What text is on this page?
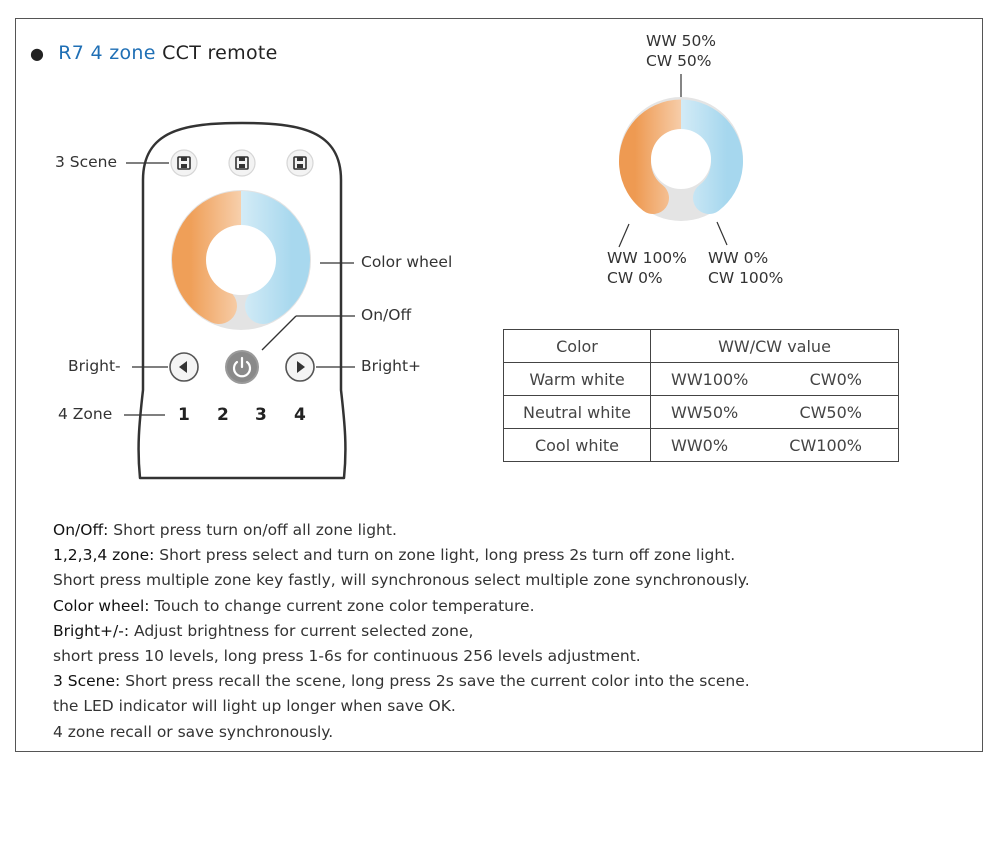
● R7 4 zone CCT remote
1 2 3 4
3 Scene
Color wheel
On/Off
Bright-	Bright+
4 Zone
WW 50%
CW 50%
WW 100%
CW 0%
WW 0%
CW 100%
Color	WW/CW value
Warm white	WW100% CW0%

Neutral white	WW50% CW50%

Cool white	WW0% CW100%
On/Off: Short press turn on/off all zone light.
1,2,3,4 zone: Short press select and turn on zone light, long press 2s turn off zone light.
Short press multiple zone key fastly, will synchronous select multiple zone synchronously.
Color wheel: Touch to change current zone color temperature.
Bright+/-: Adjust brightness for current selected zone,
short press 10 levels, long press 1-6s for continuous 256 levels adjustment.
3 Scene: Short press recall the scene, long press 2s save the current color into the scene.
the LED indicator will light up longer when save OK.
4 zone recall or save synchronously.
